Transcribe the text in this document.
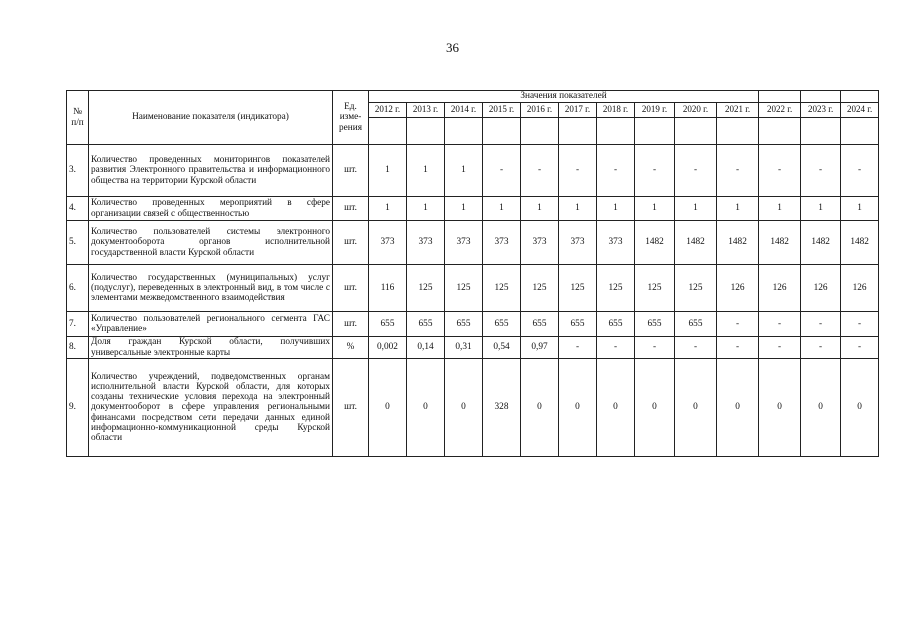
36
№ п/п	Наименование показателя (индикатора)	Ед. изме-рения	Значения показателей												
			2012 г.	2013 г.	2014 г.	2015 г.	2016 г.	2017 г.	2018 г.	2019 г.	2020 г.	2021 г.	2022 г.	2023 г.	2024 г.

3.	Количество проведенных мониторингов показателей развития Электронного правительства и информационного общества на территории Курской области	шт.	1	1	1	-	-	-	-	-	-	-	-	-	-
4.	Количество проведенных мероприятий в сфере организации связей с общественностью	шт.	1	1	1	1	1	1	1	1	1	1	1	1	1
5.	Количество пользователей системы электронного документооборота органов исполнительной государственной власти Курской области	шт.	373	373	373	373	373	373	373	1482	1482	1482	1482	1482	1482
6.	Количество государственных (муниципальных) услуг (подуслуг), переведенных в электронный вид, в том числе с элементами межведомственного взаимодействия	шт.	116	125	125	125	125	125	125	125	125	126	126	126	126
7.	Количество пользователей регионального сегмента ГАС «Управление»	шт.	655	655	655	655	655	655	655	655	655	-	-	-	-
8.	Доля граждан Курской области, получивших универсальные электронные карты	%	0,002	0,14	0,31	0,54	0,97	-	-	-	-	-	-	-	-
9.	Количество учреждений, подведомственных органам исполнительной власти Курской области, для которых созданы технические условия перехода на электронный документооборот в сфере управления региональными финансами посредством сети передачи данных единой информационно-коммуникационной среды Курской области	шт.	0	0	0	328	0	0	0	0	0	0	0	0	0
